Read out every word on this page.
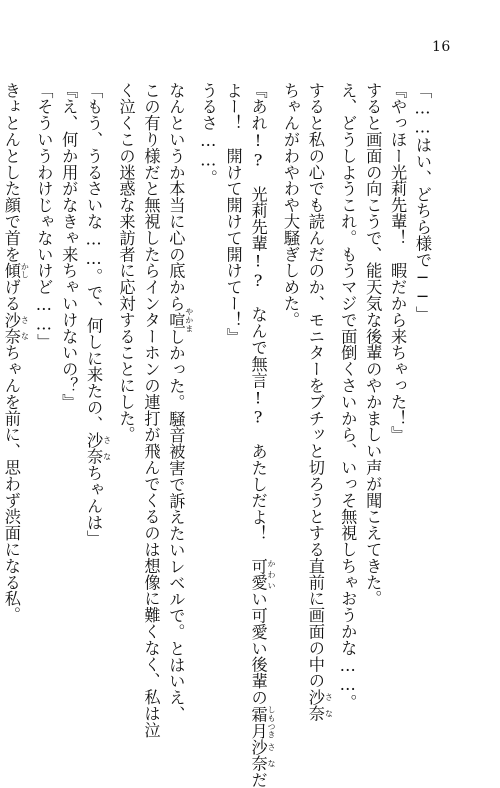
16
「……はい、どちら様で──」
『やっほー光莉先輩！　暇だから来ちゃった！』
すると画面の向こうで、能天気な後輩のやかましい声が聞こえてきた。
え、どうしようこれ。もうマジで面倒くさいから、いっそ無視しちゃおうかな……。
すると私の心でも読んだのか、モニターをブチッと切ろうとする直前に画面の中の沙奈 さな
ちゃんがわやわや大騒ぎしめた。
『あれ!?　光莉先輩!?　なんで無言!?　あたしだよ！　可愛 かわいい可愛い後輩の霜月 しもつき沙奈 さなだ
よー！　開けて開けて開けてー！』
うるさ……。
なんというか本当に心の底から喧 やかましかった。騒音被害で訴えたいレベルで。とはいえ、
この有り様だと無視したらインターホンの連打が飛んでくるのは想像に難くなく、私は泣
く泣くこの迷惑な来訪者に応対することにした。
「もう、うるさいな……。で、何しに来たの、沙奈 さなちゃんは」
『え、何か用がなきゃ来ちゃいけないの？』
「そういうわけじゃないけど……」
きょとんとした顔で首を傾 かしげる沙奈 さなちゃんを前に、思わず渋面になる私。
